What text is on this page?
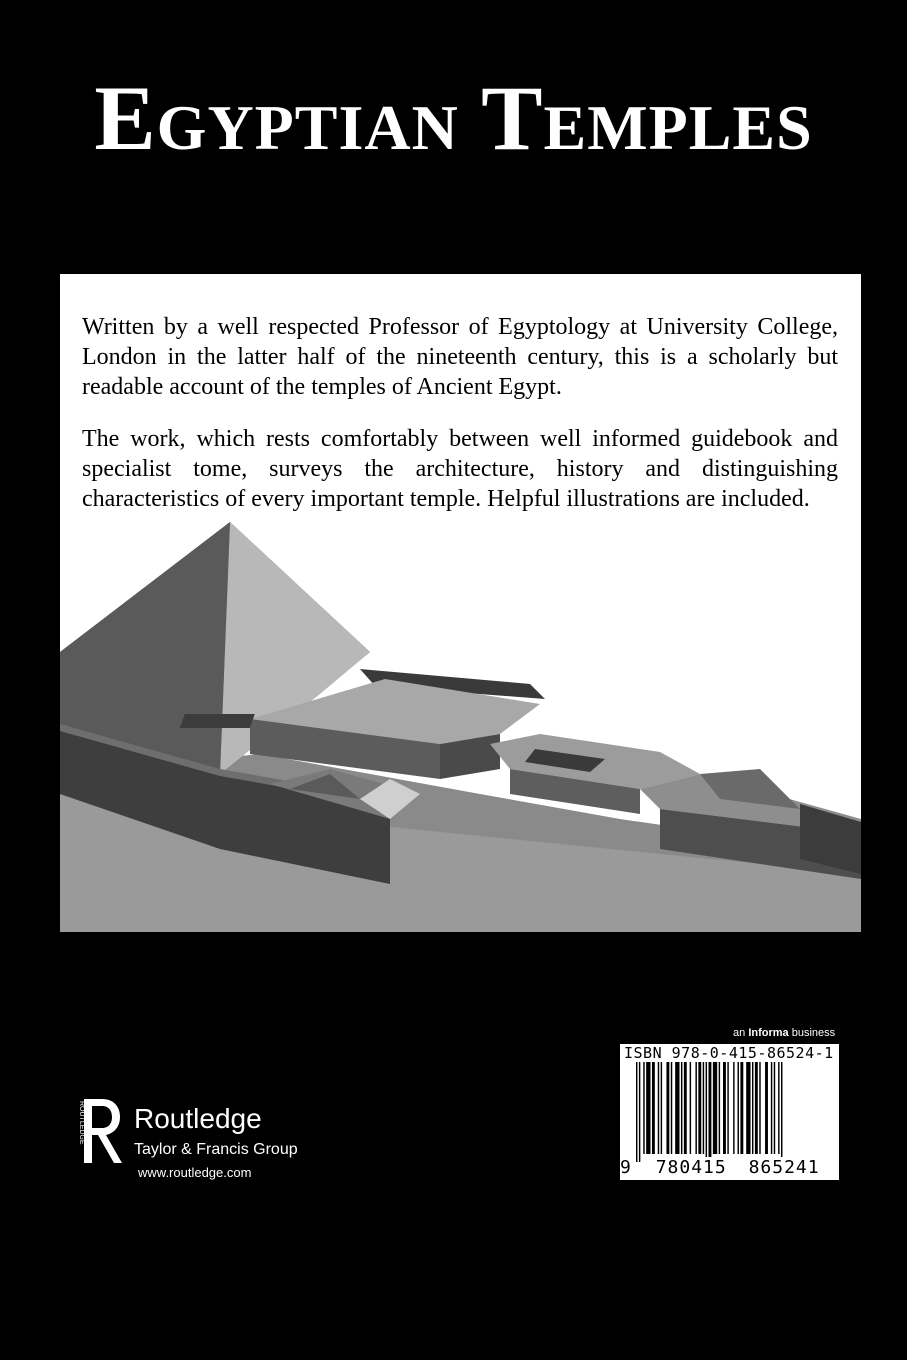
Egyptian Temples

Written by a well respected Professor of Egyptology at University College, London in the latter half of the nineteenth century, this is a scholarly but readable account of the temples of Ancient Egypt.

The work, which rests comfortably between well informed guidebook and specialist tome, surveys the architecture, history and distinguishing characteristics of every important temple. Helpful illustrations are included.

an Informa business
ISBN 978-0-415-86524-1
9 780415 865241
ROUTLEDGE Routledge
Taylor & Francis Group
www.routledge.com
